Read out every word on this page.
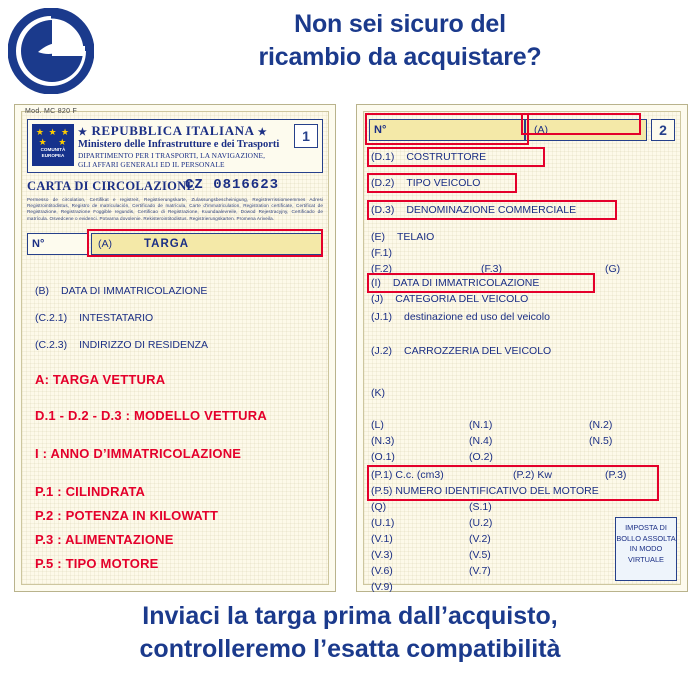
Non sei sicuro del
ricambio da acquistare?
Mod. MC 820 F
★ ★ ★
★   ★
COMUNITÀ EUROPEA
★ REPUBBLICA ITALIANA ★
Ministero delle Infrastrutture e dei Trasporti
DIPARTIMENTO PER I TRASPORTI, LA NAVIGAZIONE,
GLI AFFARI GENERALI ED IL PERSONALE
1
CARTA DI CIRCOLAZIONE
CZ 0816623
Permesso de circolation, Certifikat e registreit, Registrierungskarte, Zulassungsbescheinigung, Registrerrissiomeemmes Adresi Registrointitodistus, Registro de matriculación, Certificado de matrícula, Carte d'immatriculation, Registration certificate, Certificat de Registrazione, Registrazione Foggible regundis, Certificao di Registrazione, Kuundaalevreile, Dowod Rejestracyjny, Certificado de matrícula. Osvedcene o evidenci. Potvarna dovolenie. Rekisterointitodistus. Registrierungskarten. Promena Ariveila.
N°	(A)	TARGA
(B) DATA DI IMMATRICOLAZIONE
(C.2.1) INTESTATARIO
(C.2.3) INDIRIZZO DI RESIDENZA
A: TARGA VETTURA
D.1 - D.2 - D.3 : MODELLO VETTURA
I : ANNO D’IMMATRICOLAZIONE
P.1 : CILINDRATA
P.2 : POTENZA IN KILOWATT
P.3 : ALIMENTAZIONE
P.5 : TIPO MOTORE
N°	(A)	2
(D.1) COSTRUTTORE
(D.2) TIPO VEICOLO
(D.3) DENOMINAZIONE COMMERCIALE
(E) TELAIO
(F.1)
(F.2)	(F.3)	(G)
(I) DATA DI IMMATRICOLAZIONE
(J) CATEGORIA DEL VEICOLO
(J.1) destinazione ed uso del veicolo
(J.2) CARROZZERIA DEL VEICOLO
(K)
(L)	(N.1)	(N.2)
(N.3)	(N.4)	(N.5)
(O.1)	(O.2)
(P.1) C.c. (cm3)	(P.2) Kw	(P.3)
(P.5) NUMERO IDENTIFICATIVO DEL MOTORE
(Q)	(S.1)
(U.1)	(U.2)
(V.1)	(V.2)
(V.3)	(V.5)
(V.6)	(V.7)
(V.9)
IMPOSTA DI BOLLO ASSOLTA IN MODO VIRTUALE
Inviaci la targa prima dall’acquisto,
controlleremo l’esatta compatibilità
